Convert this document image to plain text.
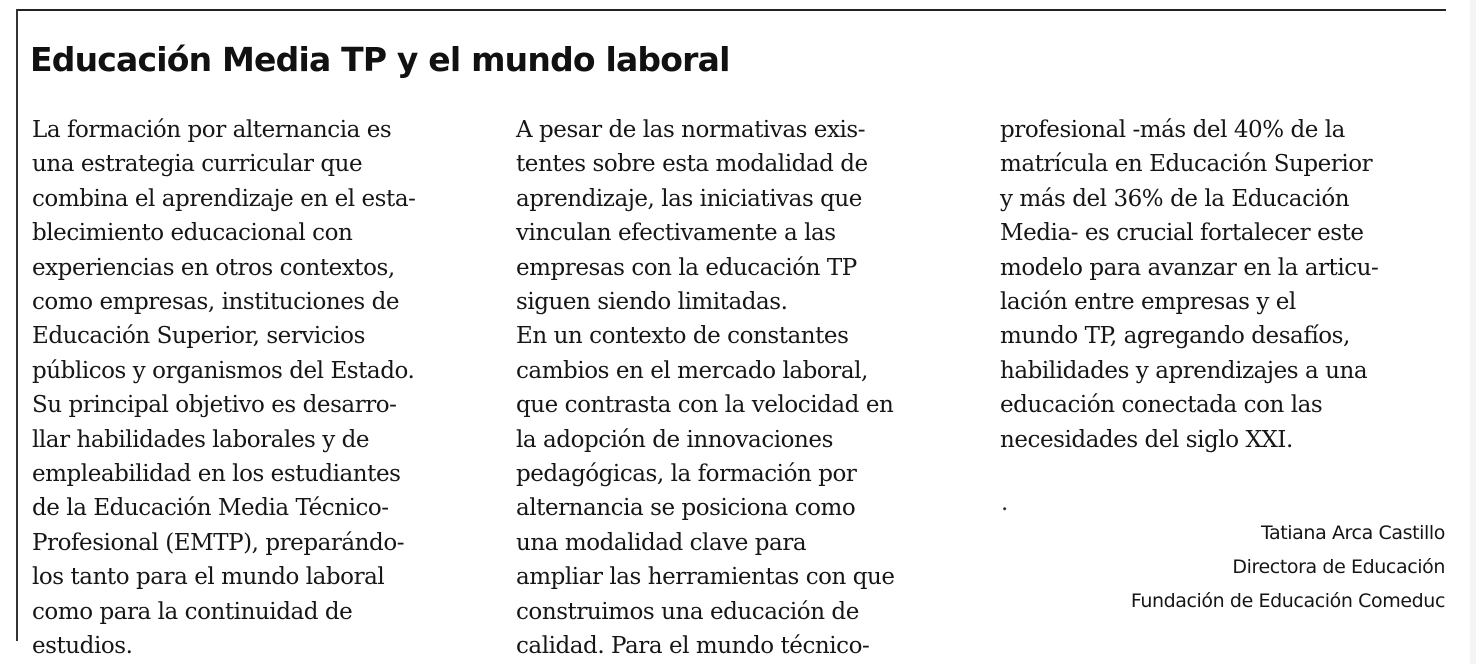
Educación Media TP y el mundo laboral
La formación por alternancia es
una estrategia curricular que
combina el aprendizaje en el esta-
blecimiento educacional con
experiencias en otros contextos,
como empresas, instituciones de
Educación Superior, servicios
públicos y organismos del Estado.
Su principal objetivo es desarro-
llar habilidades laborales y de
empleabilidad en los estudiantes
de la Educación Media Técnico-
Profesional (EMTP), preparándo-
los tanto para el mundo laboral
como para la continuidad de
estudios.
A pesar de las normativas exis-
tentes sobre esta modalidad de
aprendizaje, las iniciativas que
vinculan efectivamente a las
empresas con la educación TP
siguen siendo limitadas.
En un contexto de constantes
cambios en el mercado laboral,
que contrasta con la velocidad en
la adopción de innovaciones
pedagógicas, la formación por
alternancia se posiciona como
una modalidad clave para
ampliar las herramientas con que
construimos una educación de
calidad. Para el mundo técnico-
profesional -más del 40% de la
matrícula en Educación Superior
y más del 36% de la Educación
Media- es crucial fortalecer este
modelo para avanzar en la articu-
lación entre empresas y el
mundo TP, agregando desafíos,
habilidades y aprendizajes a una
educación conectada con las
necesidades del siglo XXI.
.
Tatiana Arca Castillo
Directora de Educación
Fundación de Educación Comeduc
